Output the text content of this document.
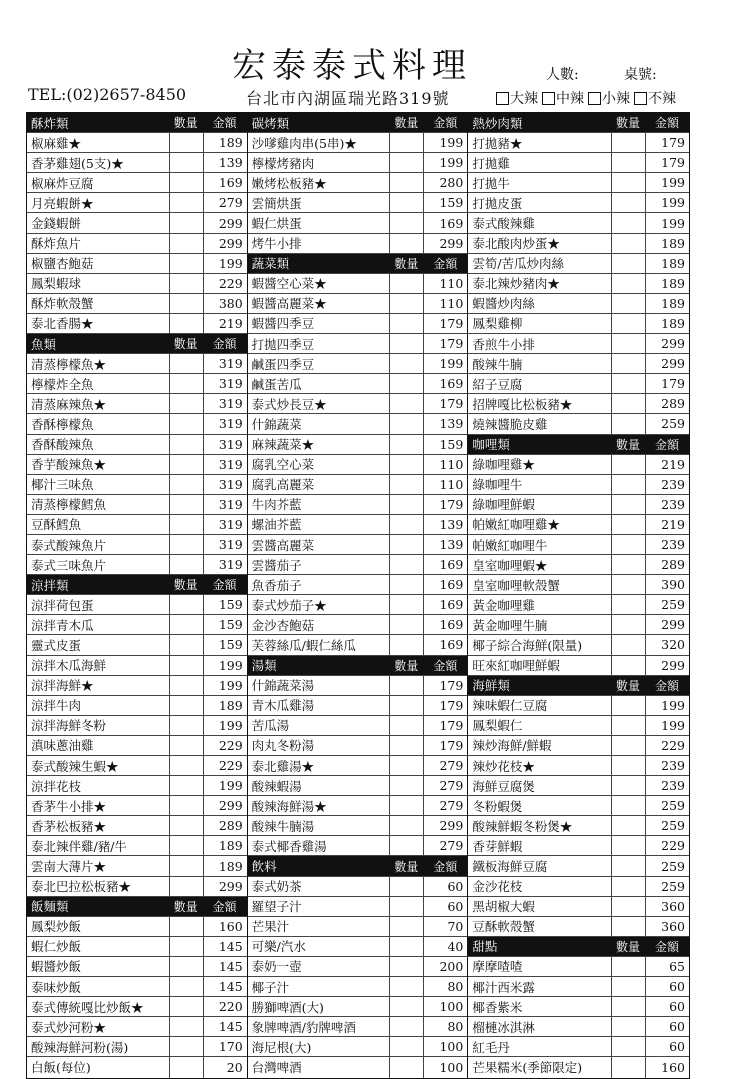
宏泰泰式料理	人數:	桌號:
TEL:(02)2657-8450	台北市內湖區瑞光路319號	大辣 中辣 小辣 不辣
酥炸類	數量	金額
椒麻雞★	189
香茅雞翅(5支)★	139
椒麻炸豆腐	169
月亮蝦餅★	279
金錢蝦餅	299
酥炸魚片	299
椒鹽杏鮑菇	199
鳳梨蝦球	229
酥炸軟殼蟹	380
泰北香腸★	219
魚類	數量	金額
清蒸檸檬魚★	319
檸檬炸全魚	319
清蒸麻辣魚★	319
香酥檸檬魚	319
香酥酸辣魚	319
香芋酸辣魚★	319
椰汁三味魚	319
清蒸檸檬鱈魚	319
豆酥鱈魚	319
泰式酸辣魚片	319
泰式三味魚片	319
涼拌類	數量	金額
涼拌荷包蛋	159
涼拌青木瓜	159
靈式皮蛋	159
涼拌木瓜海鮮	199
涼拌海鮮★	199
涼拌牛肉	189
涼拌海鮮冬粉	199
滇味蔥油雞	229
泰式酸辣生蝦★	229
涼拌花枝	199
香茅牛小排★	299
香茅松板豬★	289
泰北辣伴雞/豬/牛	189
雲南大薄片★	189
泰北巴拉松板豬★	299
飯麵類	數量	金額
鳳梨炒飯	160
蝦仁炒飯	145
蝦醬炒飯	145
泰味炒飯	145
泰式傳統嘎比炒飯★	220
泰式炒河粉★	145
酸辣海鮮河粉(湯)	170
白飯(每位)	20
碳烤類	數量	金額
沙嗲雞肉串(5串)★	199
檸檬烤豬肉	199
嫩烤松板豬★	280
雲簡烘蛋	159
蝦仁烘蛋	169
烤牛小排	299
蔬菜類	數量	金額
蝦醬空心菜★	110
蝦醬高麗菜★	110
蝦醬四季豆	179
打拋四季豆	179
鹹蛋四季豆	199
鹹蛋苦瓜	169
泰式炒長豆★	179
什錦蔬菜	139
麻辣蔬菜★	159
腐乳空心菜	110
腐乳高麗菜	110
牛肉芥藍	179
螺油芥藍	139
雲醬高麗菜	139
雲醬茄子	169
魚香茄子	169
泰式炒茄子★	169
金沙杏鮑菇	169
芙蓉絲瓜/蝦仁絲瓜	169
湯類	數量	金額
什錦蔬菜湯	179
青木瓜雞湯	179
苦瓜湯	179
肉丸冬粉湯	179
泰北雞湯★	279
酸辣蝦湯	279
酸辣海鮮湯★	279
酸辣牛腩湯	299
泰式椰香雞湯	279
飲料	數量	金額
泰式奶茶	60
羅望子汁	60
芒果汁	70
可樂/汽水	40
泰奶一壺	200
椰子汁	80
勝獅啤酒(大)	100
象牌啤酒/豹牌啤酒	80
海尼根(大)	100
台灣啤酒	100
熱炒肉類	數量	金額
打拋豬★	179
打拋雞	179
打拋牛	199
打拋皮蛋	199
泰式酸辣雞	199
泰北酸肉炒蛋★	189
雲筍/苦瓜炒肉絲	189
泰北辣炒豬肉★	189
蝦醬炒肉絲	189
鳳梨雞柳	189
香煎牛小排	299
酸辣牛腩	299
紹子豆腐	179
招牌嘎比松板豬★	289
燒辣醬脆皮雞	259
咖哩類	數量	金額
綠咖哩雞★	219
綠咖哩牛	239
綠咖哩鮮蝦	239
帕嫩紅咖哩雞★	219
帕嫩紅咖哩牛	239
皇室咖哩蝦★	289
皇室咖哩軟殼蟹	390
黃金咖哩雞	259
黃金咖哩牛腩	299
椰子綜合海鮮(限量)	320
旺來紅咖哩鮮蝦	299
海鮮類	數量	金額
辣味蝦仁豆腐	199
鳳梨蝦仁	199
辣炒海鮮/鮮蝦	229
辣炒花枝★	239
海鮮豆腐煲	239
冬粉蝦煲	259
酸辣鮮蝦冬粉煲★	259
香芽鮮蝦	229
鐵板海鮮豆腐	259
金沙花枝	259
黑胡椒大蝦	360
豆酥軟殼蟹	360
甜點	數量	金額
摩摩喳喳	65
椰汁西米露	60
椰香紫米	60
榴槤冰淇淋	60
紅毛丹	60
芒果糯米(季節限定)	160
